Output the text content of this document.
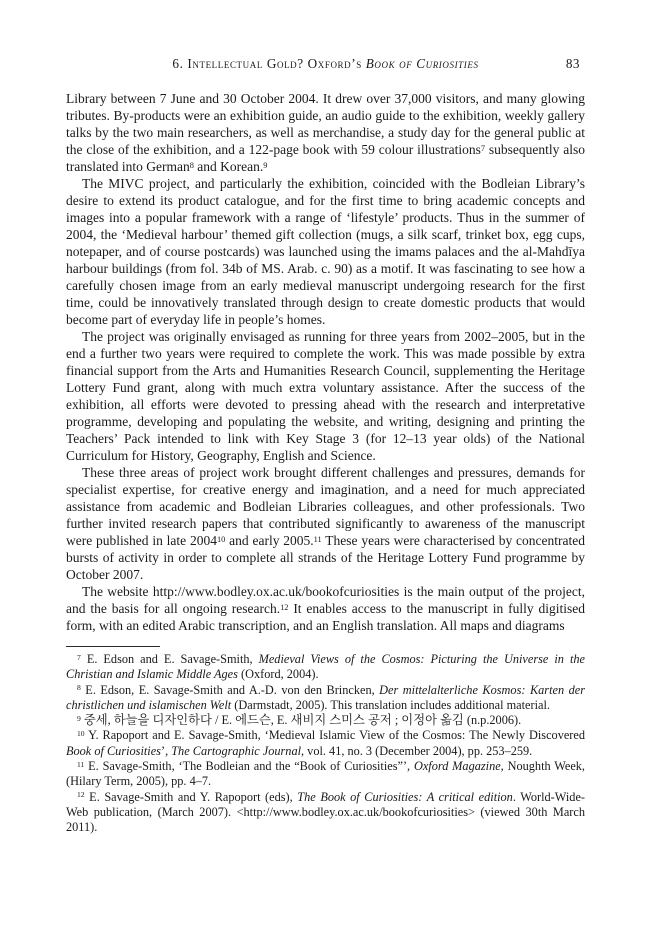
6. Intellectual Gold? Oxford’s Book of Curiosities	83

Library between 7 June and 30 October 2004. It drew over 37,000 visitors, and many glowing tributes. By-products were an exhibition guide, an audio guide to the exhibition, weekly gallery talks by the two main researchers, as well as merchandise, a study day for the general public at the close of the exhibition, and a 122-page book with 59 colour illustrations$^7$ subsequently also translated into German$^8$ and Korean.$^9$

The MIVC project, and particularly the exhibition, coincided with the Bodleian Library’s desire to extend its product catalogue, and for the first time to bring academic concepts and images into a popular framework with a range of ‘lifestyle’ products. Thus in the summer of 2004, the ‘Medieval harbour’ themed gift collection (mugs, a silk scarf, trinket box, egg cups, notepaper, and of course postcards) was launched using the imams palaces and the al-Mahdīya harbour buildings (from fol. 34b of MS. Arab. c. 90) as a motif. It was fascinating to see how a carefully chosen image from an early medieval manuscript undergoing research for the first time, could be innovatively translated through design to create domestic products that would become part of everyday life in people’s homes.

The project was originally envisaged as running for three years from 2002–2005, but in the end a further two years were required to complete the work. This was made possible by extra financial support from the Arts and Humanities Research Council, supplementing the Heritage Lottery Fund grant, along with much extra voluntary assistance. After the success of the exhibition, all efforts were devoted to pressing ahead with the research and interpretative programme, developing and populating the website, and writing, designing and printing the Teachers’ Pack intended to link with Key Stage 3 (for 12–13 year olds) of the National Curriculum for History, Geography, English and Science.

These three areas of project work brought different challenges and pressures, demands for specialist expertise, for creative energy and imagination, and a need for much appreciated assistance from academic and Bodleian Libraries colleagues, and other professionals. Two further invited research papers that contributed significantly to awareness of the manuscript were published in late 2004$^{10}$ and early 2005.11 These years were characterised by concentrated bursts of activity in order to complete all strands of the Heritage Lottery Fund programme by October 2007.

The website http://www.bodley.ox.ac.uk/bookofcuriosities is the main output of the project, and the basis for all ongoing research.$^{12}$ It enables access to the manuscript in fully digitised form, with an edited Arabic transcription, and an English translation. All maps and diagrams

$^7$ E. Edson and E. Savage-Smith, Medieval Views of the Cosmos: Picturing the Universe in the Christian and Islamic Middle Ages (Oxford, 2004).
$^8$ E. Edson, E. Savage-Smith and A.-D. von den Brincken, Der mittelalterliche Kosmos: Karten der christlichen und islamischen Welt (Darmstadt, 2005). This translation includes additional material.
$^9$ 중세, 하늘을 디자인하다 / E. 에드슨, E. 새비지 스미스 공저 ; 이정아 옮김 (n.p.2006).
$^{10}$ Y. Rapoport and E. Savage-Smith, ‘Medieval Islamic View of the Cosmos: The Newly Discovered Book of Curiosities’, The Cartographic Journal, vol. 41, no. 3 (December 2004), pp. 253–259.
$^{11}$ E. Savage-Smith, ‘The Bodleian and the “Book of Curiosities”’, Oxford Magazine, Noughth Week, (Hilary Term, 2005), pp. 4–7.
$^{12}$ E. Savage-Smith and Y. Rapoport (eds), The Book of Curiosities: A critical edition. World-Wide-Web publication, (March 2007). <http://www.bodley.ox.ac.uk/bookofcuriosities> (viewed 30th March 2011).
